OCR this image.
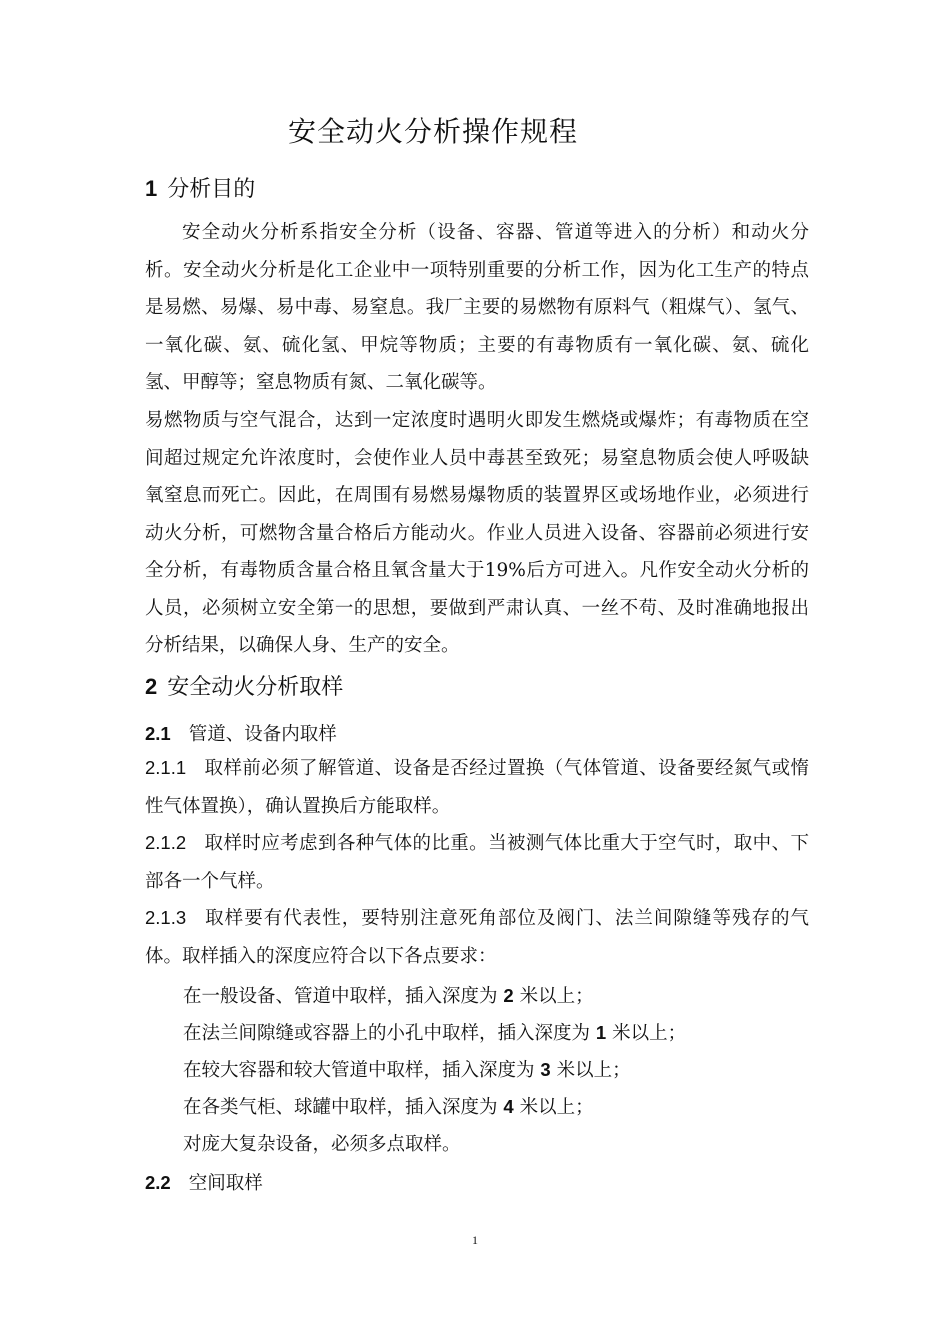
安全动火分析操作规程
1 分析目的
安全动火分析系指安全分析（设备、容器、管道等进入的分析）和动火分析。安全动火分析是化工企业中一项特别重要的分析工作，因为化工生产的特点是易燃、易爆、易中毒、易窒息。我厂主要的易燃物有原料气（粗煤气）、氢气、一氧化碳、氨、硫化氢、甲烷等物质；主要的有毒物质有一氧化碳、氨、硫化氢、甲醇等；窒息物质有氮、二氧化碳等。
易燃物质与空气混合，达到一定浓度时遇明火即发生燃烧或爆炸；有毒物质在空间超过规定允许浓度时，会使作业人员中毒甚至致死；易窒息物质会使人呼吸缺氧窒息而死亡。因此，在周围有易燃易爆物质的装置界区或场地作业，必须进行动火分析，可燃物含量合格后方能动火。作业人员进入设备、容器前必须进行安全分析，有毒物质含量合格且氧含量大于19%后方可进入。凡作安全动火分析的人员，必须树立安全第一的思想，要做到严肃认真、一丝不苟、及时准确地报出分析结果，以确保人身、生产的安全。
2 安全动火分析取样
2.1 管道、设备内取样
2.1.1 取样前必须了解管道、设备是否经过置换（气体管道、设备要经氮气或惰性气体置换），确认置换后方能取样。
2.1.2 取样时应考虑到各种气体的比重。当被测气体比重大于空气时，取中、下部各一个气样。
2.1.3 取样要有代表性，要特别注意死角部位及阀门、法兰间隙缝等残存的气体。取样插入的深度应符合以下各点要求：
在一般设备、管道中取样，插入深度为 2 米以上；
在法兰间隙缝或容器上的小孔中取样，插入深度为 1 米以上；
在较大容器和较大管道中取样，插入深度为 3 米以上；
在各类气柜、球罐中取样，插入深度为 4 米以上；
对庞大复杂设备，必须多点取样。
2.2 空间取样
1
